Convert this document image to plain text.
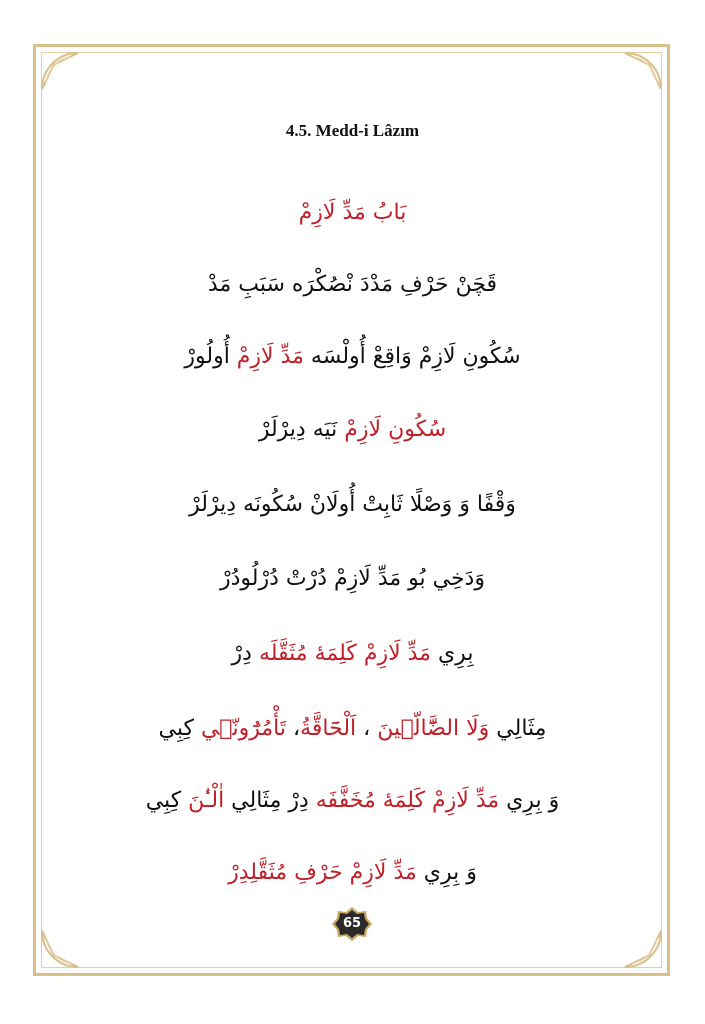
4.5. Medd-i Lâzım
بَابُ مَدِّ لَازِمْ
قَچَنْ حَرْفِ مَدْدَ نْصُكْرَه سَبَبِ مَدْ
سُكُونِ لَازِمْ وَاقِعْ أُولْسَه مَدِّ لَازِمْ أُولُورْ
سُكُونِ لَازِمْ نَيَه دِيرْلَرْ
وَقْفًا وَ وَصْلًا ثَابِتْ أُولَانْ سُكُونَه دِيرْلَرْ
وَدَخِي بُو مَدِّ لَازِمْ دُرْتْ دُرْلُودُرْ
بِرِي مَدِّ لَازِمْ كَلِمَهٔ مُثَقَّلَه دِرْ
مِثَالِي وَلَا الضَّٓالّ۪ينَ ، اَلْحَٓاقَّةُ، تَأْمُرُٓونّ۪ي كِبِي
وَ بِرِي مَدِّ لَازِمْ كَلِمَهٔ مُخَفَّفَه دِرْ مِثَالِي اٰلْـٰٔنَ كِبِي
وَ بِرِي مَدِّ لَازِمْ حَرْفِ مُثَقَّلِدِرْ
65
